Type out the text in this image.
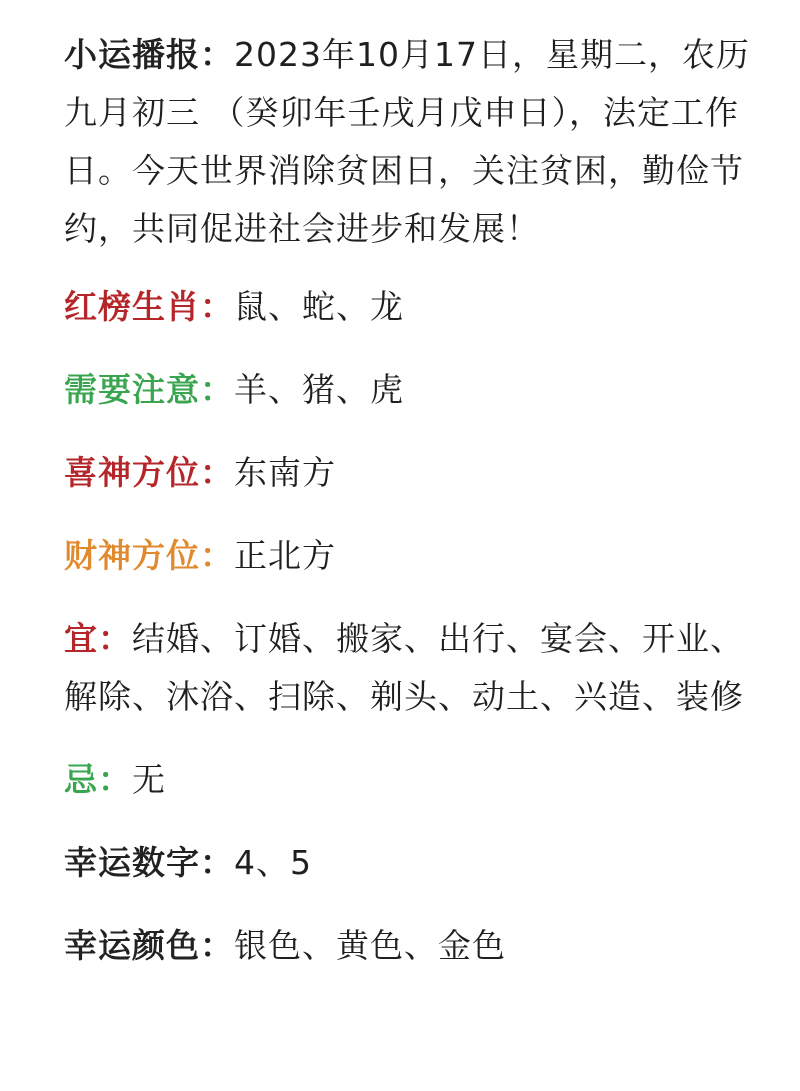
小运播报：2023年10月17日，星期二，农历九月初三 （癸卯年壬戌月戊申日），法定工作日。今天世界消除贫困日，关注贫困，勤俭节约，共同促进社会进步和发展！

红榜生肖：鼠、蛇、龙

需要注意：羊、猪、虎

喜神方位：东南方

财神方位：正北方

宜：结婚、订婚、搬家、出行、宴会、开业、解除、沐浴、扫除、剃头、动土、兴造、装修

忌：无

幸运数字：4、5

幸运颜色：银色、黄色、金色
